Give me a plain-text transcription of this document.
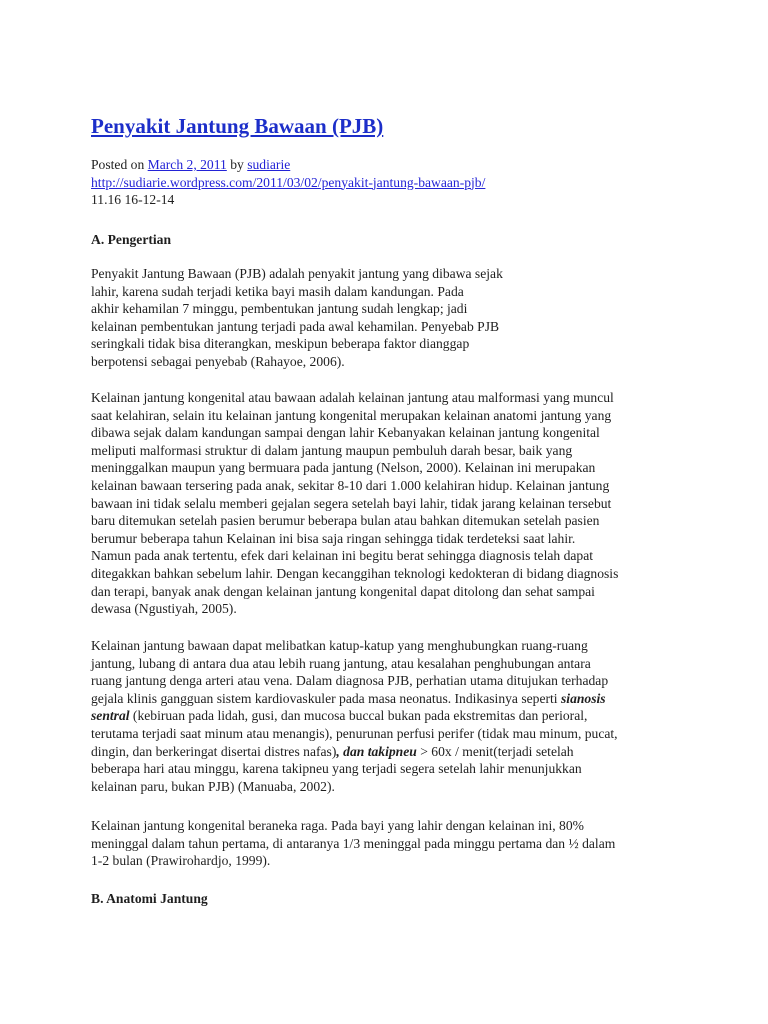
Penyakit Jantung Bawaan (PJB)
Posted on March 2, 2011 by sudiarie
http://sudiarie.wordpress.com/2011/03/02/penyakit-jantung-bawaan-pjb/
11.16 16-12-14
A. Pengertian

Penyakit Jantung Bawaan (PJB) adalah penyakit jantung yang dibawa sejak
lahir, karena sudah terjadi ketika bayi masih dalam kandungan. Pada
akhir kehamilan 7 minggu, pembentukan jantung sudah lengkap; jadi
kelainan pembentukan jantung terjadi pada awal kehamilan. Penyebab PJB
seringkali tidak bisa diterangkan, meskipun beberapa faktor dianggap
berpotensi sebagai penyebab (Rahayoe, 2006).

Kelainan jantung kongenital atau bawaan adalah kelainan jantung atau malformasi yang muncul
saat kelahiran, selain itu kelainan jantung kongenital merupakan kelainan anatomi jantung yang
dibawa sejak dalam kandungan sampai dengan lahir Kebanyakan kelainan jantung kongenital
meliputi malformasi struktur di dalam jantung maupun pembuluh darah besar, baik yang
meninggalkan maupun yang bermuara pada jantung (Nelson, 2000). Kelainan ini merupakan
kelainan bawaan tersering pada anak, sekitar 8-10 dari 1.000 kelahiran hidup. Kelainan jantung
bawaan ini tidak selalu memberi gejalan segera setelah bayi lahir, tidak jarang kelainan tersebut
baru ditemukan setelah pasien berumur beberapa bulan atau bahkan ditemukan setelah pasien
berumur beberapa tahun Kelainan ini bisa saja ringan sehingga tidak terdeteksi saat lahir.
Namun pada anak tertentu, efek dari kelainan ini begitu berat sehingga diagnosis telah dapat
ditegakkan bahkan sebelum lahir. Dengan kecanggihan teknologi kedokteran di bidang diagnosis
dan terapi, banyak anak dengan kelainan jantung kongenital dapat ditolong dan sehat sampai
dewasa (Ngustiyah, 2005).

Kelainan jantung bawaan dapat melibatkan katup-katup yang menghubungkan ruang-ruang
jantung, lubang di antara dua atau lebih ruang jantung, atau kesalahan penghubungan antara
ruang jantung denga arteri atau vena. Dalam diagnosa PJB, perhatian utama ditujukan terhadap
gejala klinis gangguan sistem kardiovaskuler pada masa neonatus. Indikasinya seperti sianosis
sentral (kebiruan pada lidah, gusi, dan mucosa buccal bukan pada ekstremitas dan perioral,
terutama terjadi saat minum atau menangis), penurunan perfusi perifer (tidak mau minum, pucat,
dingin, dan berkeringat disertai distres nafas), dan takipneu > 60x / menit(terjadi setelah
beberapa hari atau minggu, karena takipneu yang terjadi segera setelah lahir menunjukkan
kelainan paru, bukan PJB) (Manuaba, 2002).

Kelainan jantung kongenital beraneka raga. Pada bayi yang lahir dengan kelainan ini, 80%
meninggal dalam tahun pertama, di antaranya 1/3 meninggal pada minggu pertama dan ½ dalam
1-2 bulan (Prawirohardjo, 1999).

B. Anatomi Jantung
